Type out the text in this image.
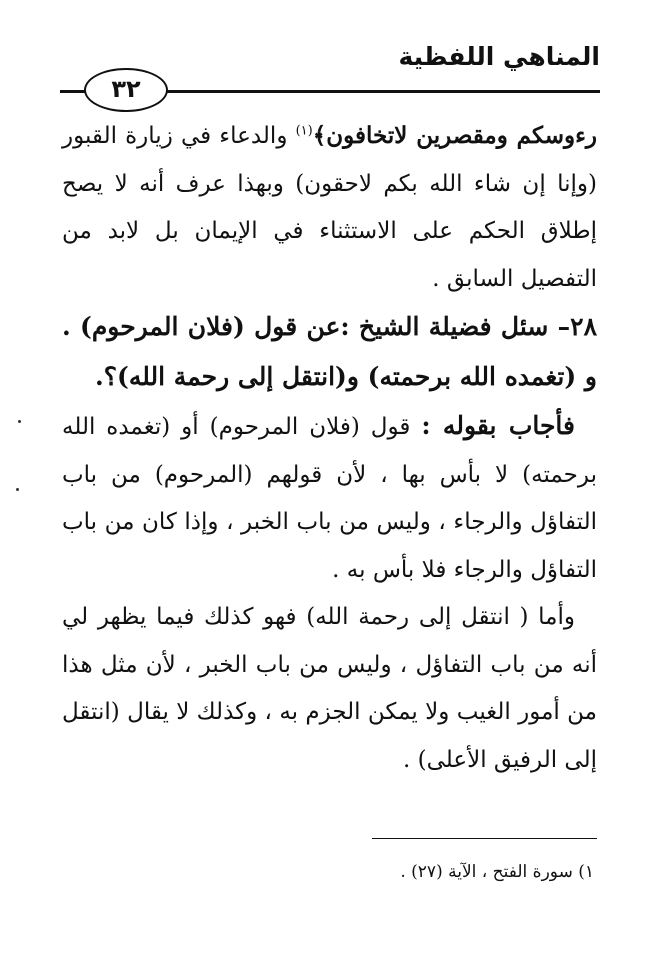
المناهي اللفظية
٣٢

رءوسكم ومقصرين لاتخافون﴾$^{(١)}$ والدعاء في زيارة القبور (وإنا إن شاء الله بكم لاحقون) وبهذا عرف أنه لا يصح إطلاق الحكم على الاستثناء في الإيمان بل لابد من التفصيل السابق .

٢٨– سئل فضيلة الشيخ :عن قول (فلان المرحوم) . و (تغمده الله برحمته) و(انتقل إلى رحمة الله)؟.

فأجاب بقوله : قول (فلان المرحوم) أو (تغمده الله برحمته) لا بأس بها ، لأن قولهم (المرحوم) من باب التفاؤل والرجاء ، وليس من باب الخبر ، وإذا كان من باب التفاؤل والرجاء فلا بأس به .

وأما ( انتقل إلى رحمة الله) فهو كذلك فيما يظهر لي أنه من باب التفاؤل ، وليس من باب الخبر ، لأن مثل هذا من أمور الغيب ولا يمكن الجزم به ، وكذلك لا يقال (انتقل إلى الرفيق الأعلى) .

١) سورة الفتح ، الآية (٢٧) .
